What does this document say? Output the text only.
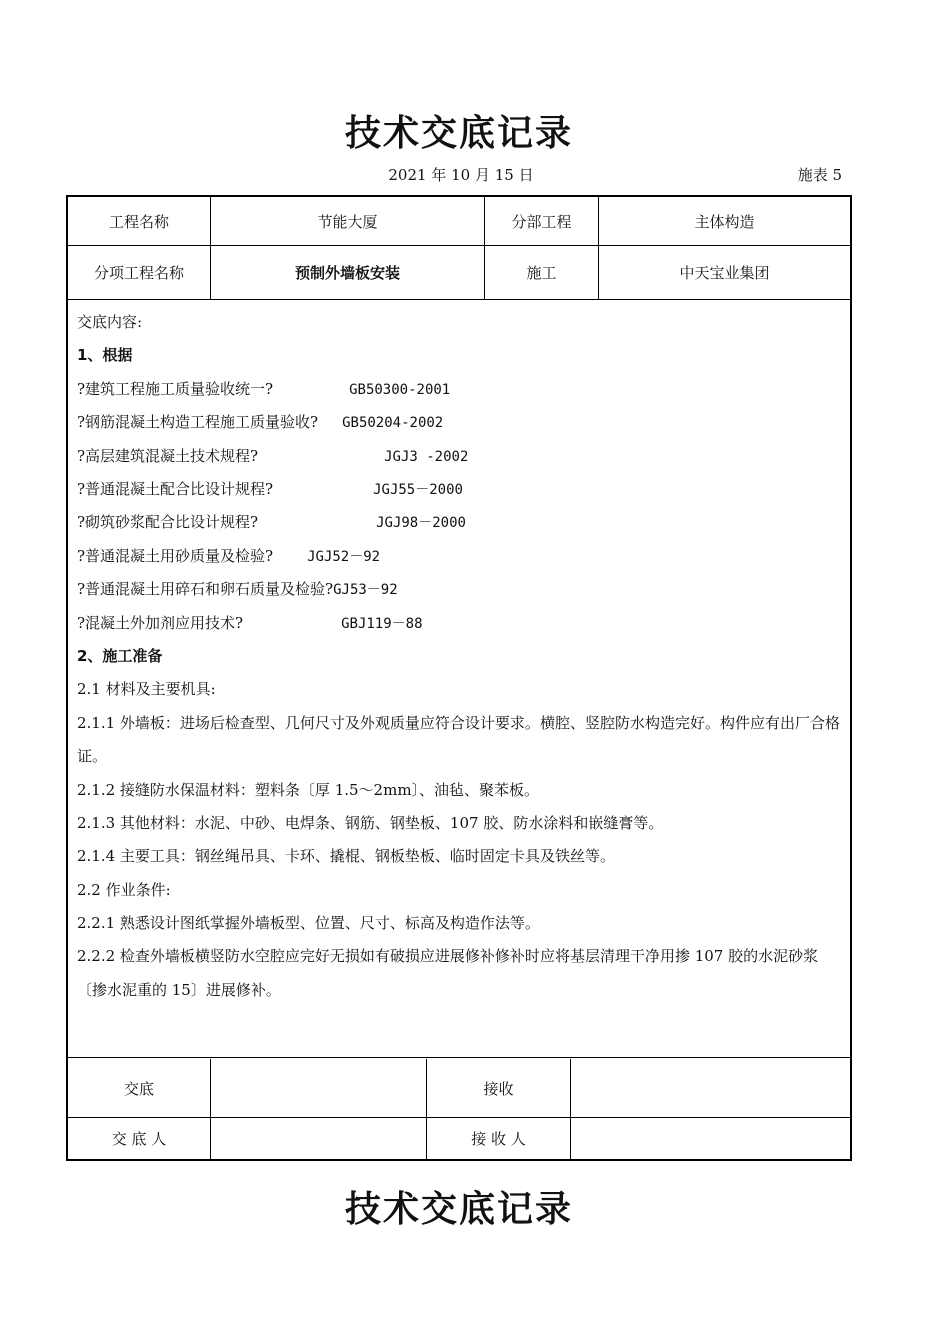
技术交底记录
2021 年 10 月 15 日	施表 5
工程名称	节能大厦	分部工程	主体构造
分项工程名称	预制外墙板安装	施工	中天宝业集团
交底内容:
1、根据
?建筑工程施工质量验收统一?	GB50300-2001
?钢筋混凝土构造工程施工质量验收? GB50204-2002
?高层建筑混凝土技术规程?	JGJ3 -2002
?普通混凝土配合比设计规程?	JGJ55－2000
?砌筑砂浆配合比设计规程?	JGJ98－2000
?普通混凝土用砂质量及检验? JGJ52－92
?普通混凝土用碎石和卵石质量及检验?GJ53－92
?混凝土外加剂应用技术?	GBJ119－88
2、施工准备
2.1 材料及主要机具:
2.1.1 外墙板：进场后检查型、几何尺寸及外观质量应符合设计要求。横腔、竖腔防水构造完好。构件应有出厂合格证。
2.1.2 接缝防水保温材料：塑料条〔厚 1.5～2mm〕、油毡、聚苯板。
2.1.3 其他材料：水泥、中砂、电焊条、钢筋、钢垫板、107 胶、防水涂料和嵌缝膏等。
2.1.4 主要工具：钢丝绳吊具、卡环、撬棍、钢板垫板、临时固定卡具及铁丝等。
2.2 作业条件:
2.2.1 熟悉设计图纸掌握外墙板型、位置、尺寸、标高及构造作法等。
2.2.2 检查外墙板横竖防水空腔应完好无损如有破损应进展修补修补时应将基层清理干净用掺 107 胶的水泥砂浆〔掺水泥重的 15〕进展修补。
交底	接收
交 底 人	接 收 人
技术交底记录
